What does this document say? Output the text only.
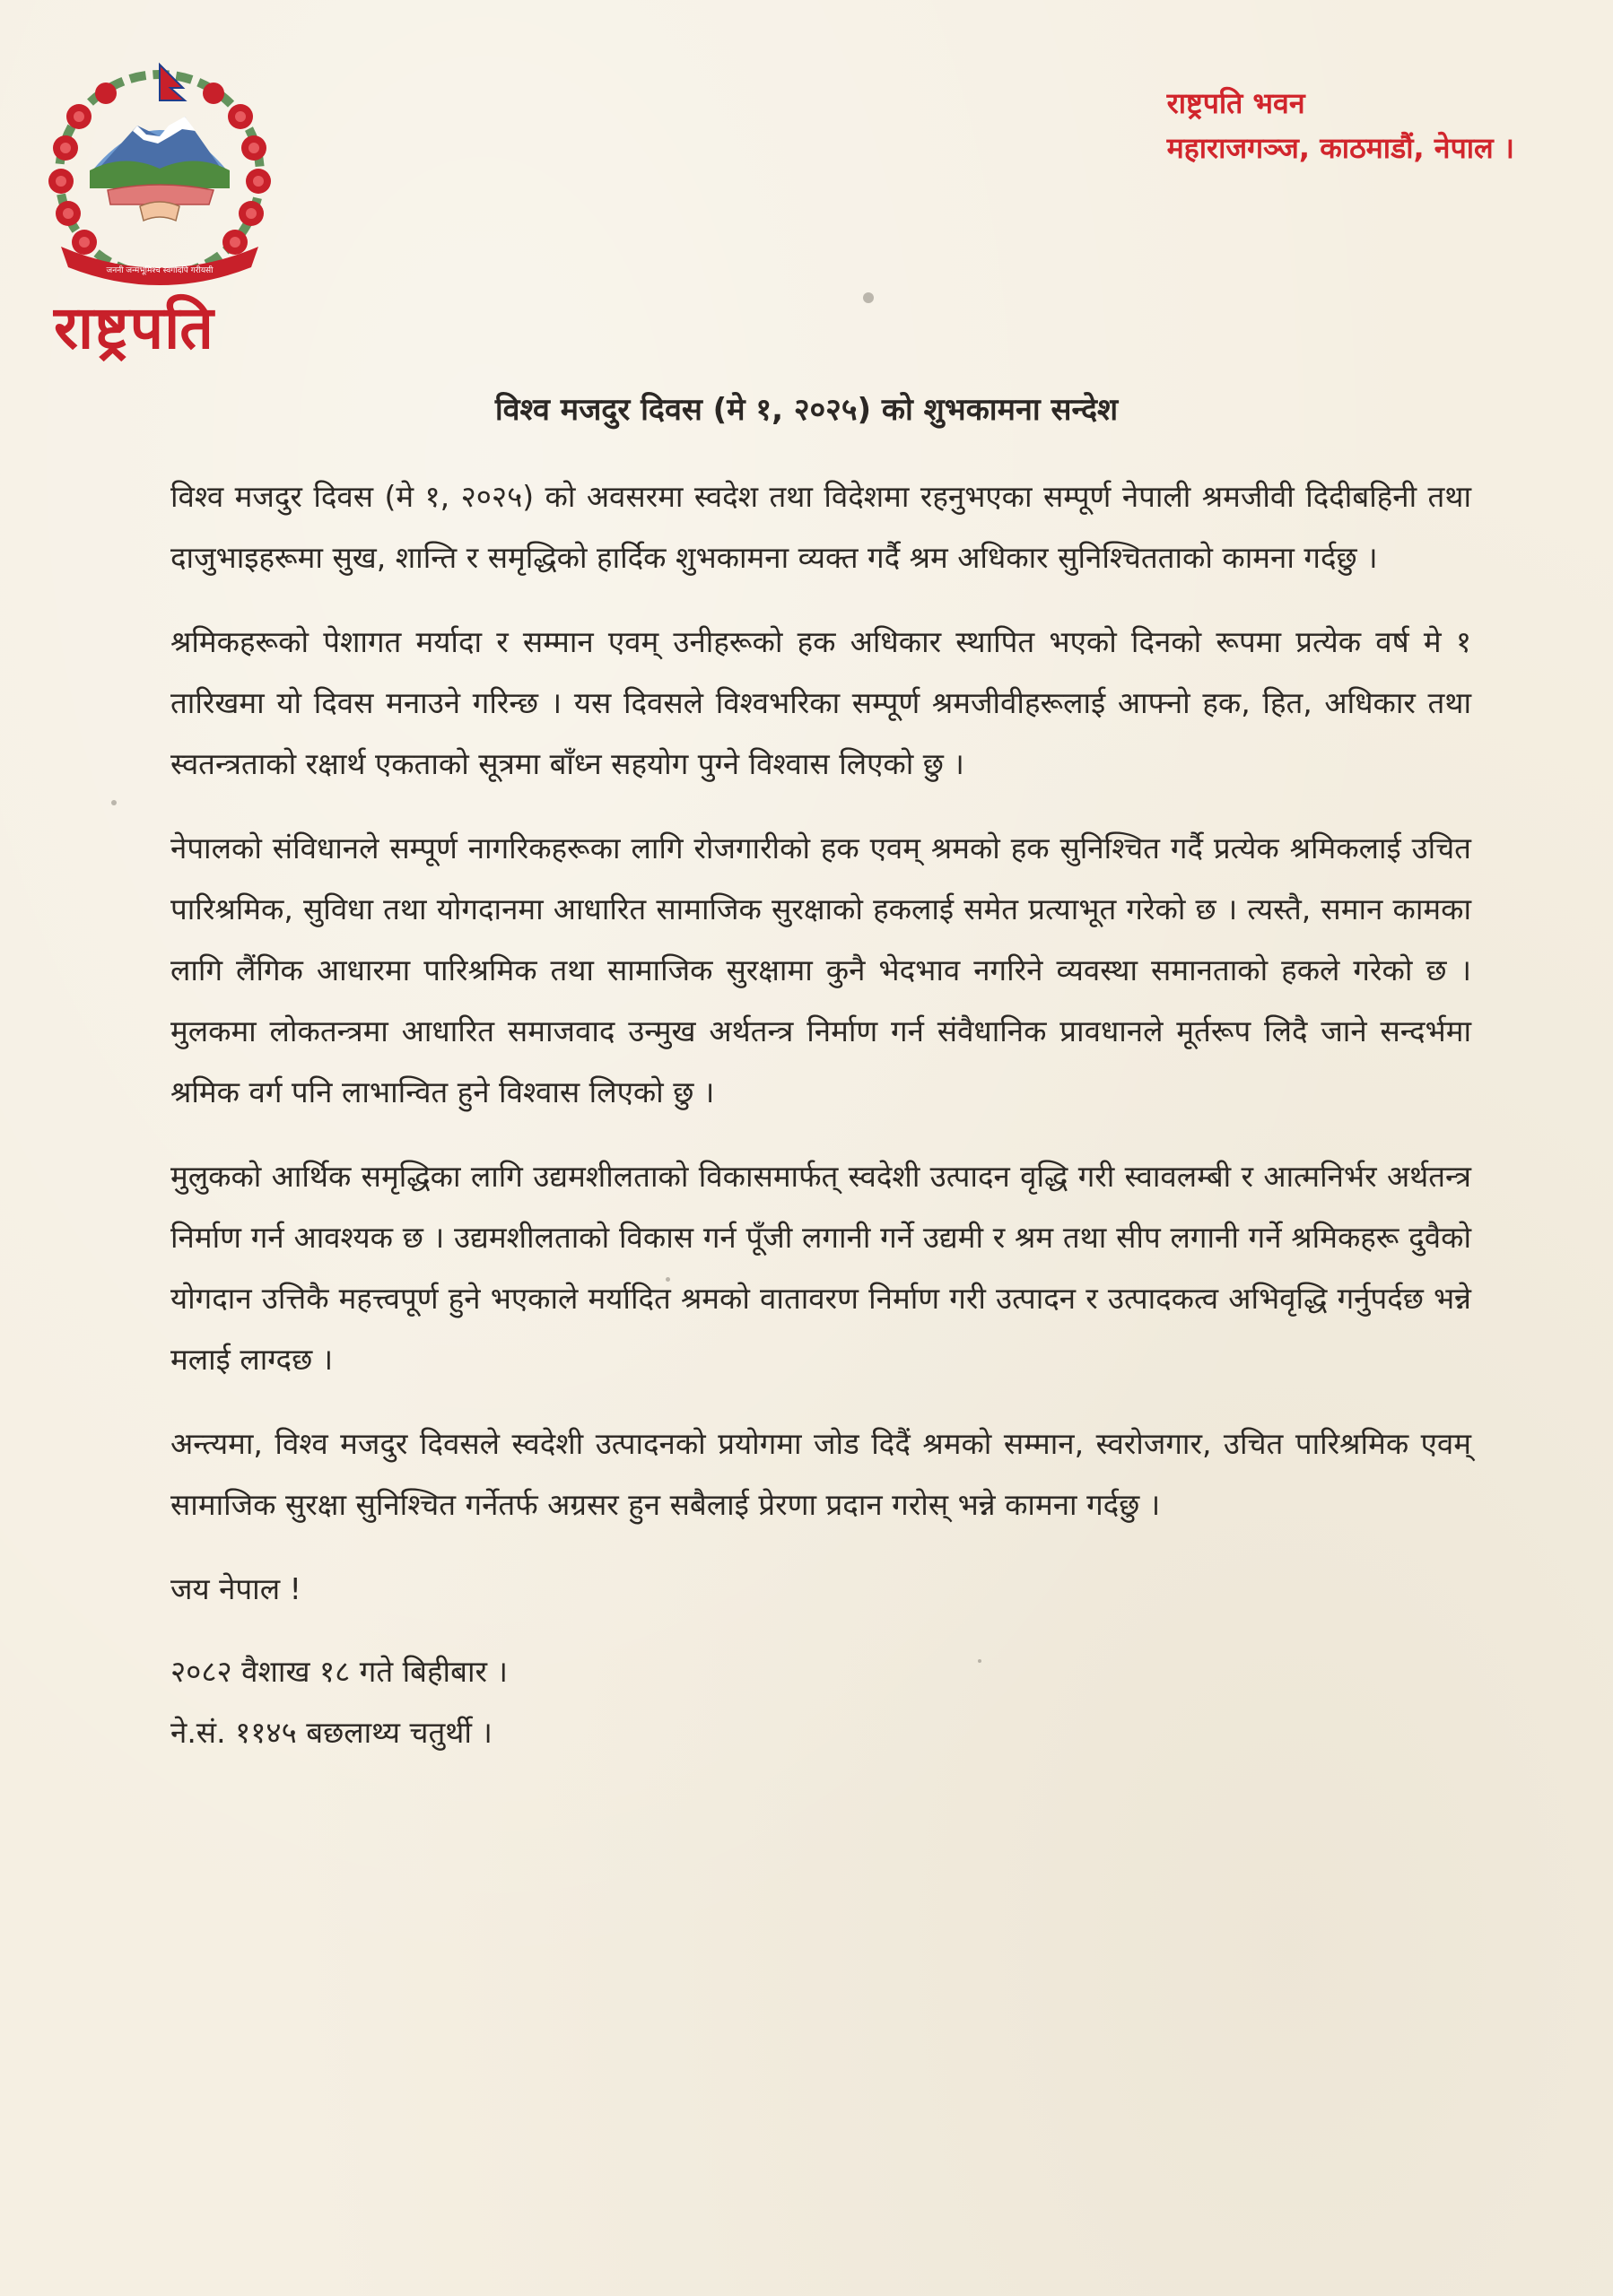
जननी जन्मभूमिश्च स्वर्गादपि गरीयसी
राष्ट्रपति
राष्ट्रपति भवन
महाराजगञ्ज, काठमाडौं, नेपाल ।
विश्व मजदुर दिवस (मे १, २०२५) को शुभकामना सन्देश

विश्व मजदुर दिवस (मे १, २०२५) को अवसरमा स्वदेश तथा विदेशमा रहनुभएका सम्पूर्ण नेपाली श्रमजीवी दिदीबहिनी तथा दाजुभाइहरूमा सुख, शान्ति र समृद्धिको हार्दिक शुभकामना व्यक्त गर्दै श्रम अधिकार सुनिश्चितताको कामना गर्दछु ।

श्रमिकहरूको पेशागत मर्यादा र सम्मान एवम् उनीहरूको हक अधिकार स्थापित भएको दिनको रूपमा प्रत्येक वर्ष मे १ तारिखमा यो दिवस मनाउने गरिन्छ । यस दिवसले विश्वभरिका सम्पूर्ण श्रमजीवीहरूलाई आफ्नो हक, हित, अधिकार तथा स्वतन्त्रताको रक्षार्थ एकताको सूत्रमा बाँध्न सहयोग पुग्ने विश्वास लिएको छु ।

नेपालको संविधानले सम्पूर्ण नागरिकहरूका लागि रोजगारीको हक एवम् श्रमको हक सुनिश्चित गर्दै प्रत्येक श्रमिकलाई उचित पारिश्रमिक, सुविधा तथा योगदानमा आधारित सामाजिक सुरक्षाको हकलाई समेत प्रत्याभूत गरेको छ । त्यस्तै, समान कामका लागि लैंगिक आधारमा पारिश्रमिक तथा सामाजिक सुरक्षामा कुनै भेदभाव नगरिने व्यवस्था समानताको हकले गरेको छ । मुलकमा लोकतन्त्रमा आधारित समाजवाद उन्मुख अर्थतन्त्र निर्माण गर्न संवैधानिक प्रावधानले मूर्तरूप लिदै जाने सन्दर्भमा श्रमिक वर्ग पनि लाभान्वित हुने विश्वास लिएको छु ।

मुलुकको आर्थिक समृद्धिका लागि उद्यमशीलताको विकासमार्फत् स्वदेशी उत्पादन वृद्धि गरी स्वावलम्बी र आत्मनिर्भर अर्थतन्त्र निर्माण गर्न आवश्यक छ । उद्यमशीलताको विकास गर्न पूँजी लगानी गर्ने उद्यमी र श्रम तथा सीप लगानी गर्ने श्रमिकहरू दुवैको योगदान उत्तिकै महत्त्वपूर्ण हुने भएकाले मर्यादित श्रमको वातावरण निर्माण गरी उत्पादन र उत्पादकत्व अभिवृद्धि गर्नुपर्दछ भन्ने मलाई लाग्दछ ।

अन्त्यमा, विश्व मजदुर दिवसले स्वदेशी उत्पादनको प्रयोगमा जोड दिदैं श्रमको सम्मान, स्वरोजगार, उचित पारिश्रमिक एवम् सामाजिक सुरक्षा सुनिश्चित गर्नेतर्फ अग्रसर हुन सबैलाई प्रेरणा प्रदान गरोस् भन्ने कामना गर्दछु ।

जय नेपाल !

२०८२ वैशाख १८ गते बिहीबार ।

ने.सं. ११४५ बछलाथ्य चतुर्थी ।
